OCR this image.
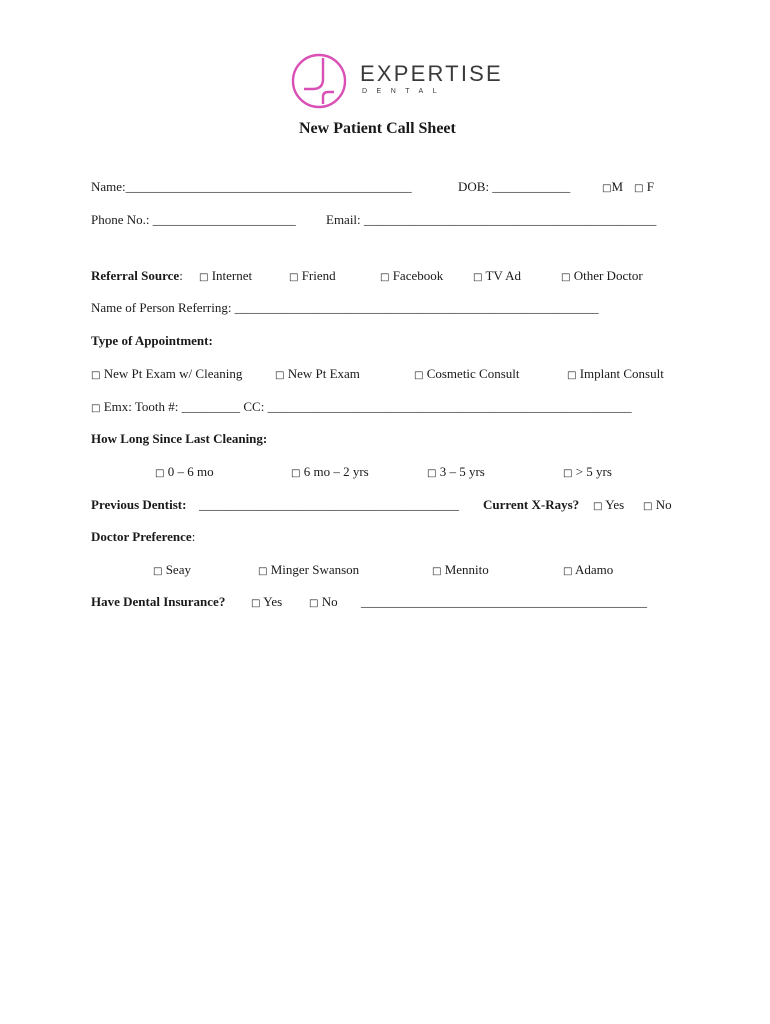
EXPERTISE
DENTAL
New Patient Call Sheet
Name:____________________________________________	DOB: ____________	□M □ F
Phone No.: ______________________ Email: _____________________________________________
Referral Source: □ Internet	□ Friend	□ Facebook	□ TV Ad	□ Other Doctor
Name of Person Referring: ________________________________________________________
Type of Appointment:
□ New Pt Exam w/ Cleaning	□ New Pt Exam	□ Cosmetic Consult	□ Implant Consult
□ Emx: Tooth #: _________ CC: ________________________________________________________
How Long Since Last Cleaning:
□ 0 – 6 mo	□ 6 mo – 2 yrs	□ 3 – 5 yrs	□ > 5 yrs
Previous Dentist: ________________________________________ Current X-Rays? □ Yes □ No
Doctor Preference:
□ Seay	□ Minger Swanson	□ Mennito	□ Adamo
Have Dental Insurance?	□ Yes	□ No ____________________________________________
